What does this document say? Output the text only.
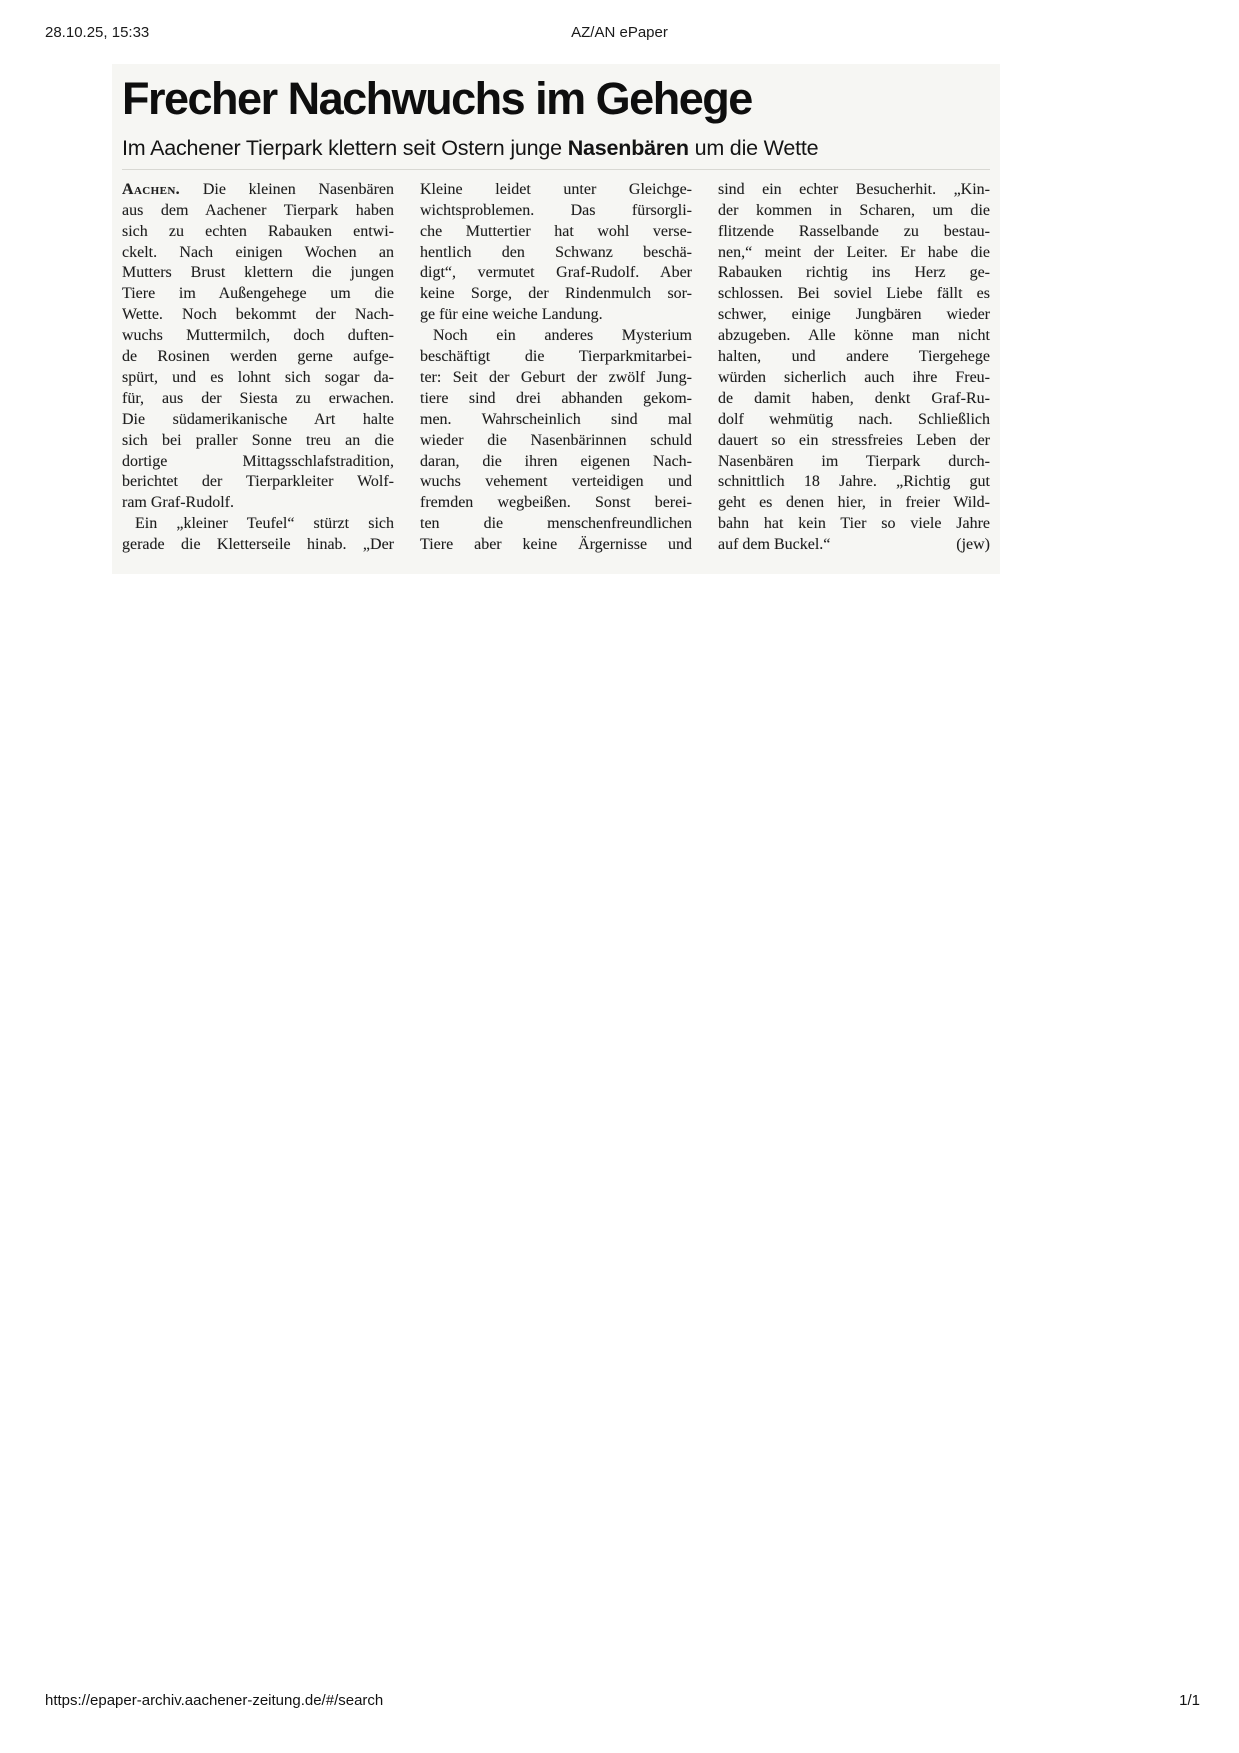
28.10.25, 15:33	AZ/AN ePaper
Frecher Nachwuchs im Gehege
Im Aachener Tierpark klettern seit Ostern junge Nasenbären um die Wette
Aachen. Die kleinen Nasenbären
aus dem Aachener Tierpark haben
sich zu echten Rabauken entwi-
ckelt. Nach einigen Wochen an
Mutters Brust klettern die jungen
Tiere im Außengehege um die
Wette. Noch bekommt der Nach-
wuchs Muttermilch, doch duften-
de Rosinen werden gerne aufge-
spürt, und es lohnt sich sogar da-
für, aus der Siesta zu erwachen.
Die südamerikanische Art halte
sich bei praller Sonne treu an die
dortige Mittagsschlafstradition,
berichtet der Tierparkleiter Wolf-
ram Graf-Rudolf.
Ein „kleiner Teufel“ stürzt sich
gerade die Kletterseile hinab. „Der
Kleine leidet unter Gleichge-
wichtsproblemen. Das fürsorgli-
che Muttertier hat wohl verse-
hentlich den Schwanz beschä-
digt“, vermutet Graf-Rudolf. Aber
keine Sorge, der Rindenmulch sor-
ge für eine weiche Landung.
Noch ein anderes Mysterium
beschäftigt die Tierparkmitarbei-
ter: Seit der Geburt der zwölf Jung-
tiere sind drei abhanden gekom-
men. Wahrscheinlich sind mal
wieder die Nasenbärinnen schuld
daran, die ihren eigenen Nach-
wuchs vehement verteidigen und
fremden wegbeißen. Sonst berei-
ten die menschenfreundlichen
Tiere aber keine Ärgernisse und
sind ein echter Besucherhit. „Kin-
der kommen in Scharen, um die
flitzende Rasselbande zu bestau-
nen,“ meint der Leiter. Er habe die
Rabauken richtig ins Herz ge-
schlossen. Bei soviel Liebe fällt es
schwer, einige Jungbären wieder
abzugeben. Alle könne man nicht
halten, und andere Tiergehege
würden sicherlich auch ihre Freu-
de damit haben, denkt Graf-Ru-
dolf wehmütig nach. Schließlich
dauert so ein stressfreies Leben der
Nasenbären im Tierpark durch-
schnittlich 18 Jahre. „Richtig gut
geht es denen hier, in freier Wild-
bahn hat kein Tier so viele Jahre
auf dem Buckel.“	(jew)
https://epaper-archiv.aachener-zeitung.de/#/search	1/1
